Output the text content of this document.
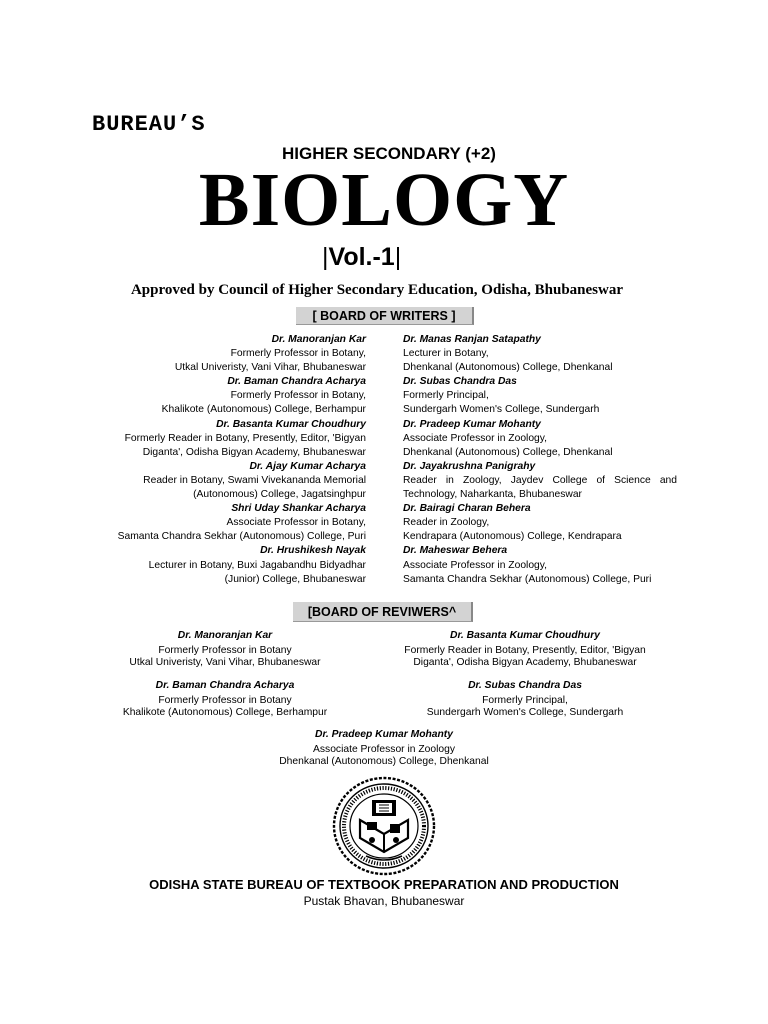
BUREAU’S
HIGHER SECONDARY (+2)
BIOLOGY
|Vol.-1|
Approved by Council of Higher Secondary Education, Odisha, Bhubaneswar
[ BOARD OF WRITERS ]
Dr. Manoranjan Kar
Formerly Professor in Botany,
Utkal Univeristy, Vani Vihar, Bhubaneswar
Dr. Baman Chandra Acharya
Formerly Professor in Botany,
Khalikote (Autonomous) College, Berhampur
Dr. Basanta Kumar Choudhury
Formerly Reader in Botany, Presently, Editor, 'Bigyan
Diganta', Odisha Bigyan Academy, Bhubaneswar
Dr. Ajay Kumar Acharya
Reader in Botany, Swami Vivekananda Memorial
(Autonomous) College, Jagatsinghpur
Shri Uday Shankar Acharya
Associate Professor in Botany,
Samanta Chandra Sekhar (Autonomous) College, Puri
Dr. Hrushikesh Nayak
Lecturer in Botany, Buxi Jagabandhu Bidyadhar
(Junior) College, Bhubaneswar
Dr. Manas Ranjan Satapathy
Lecturer in Botany,
Dhenkanal (Autonomous) College, Dhenkanal
Dr. Subas Chandra Das
Formerly Principal,
Sundergarh Women's College, Sundergarh
Dr. Pradeep Kumar Mohanty
Associate Professor in Zoology,
Dhenkanal (Autonomous) College, Dhenkanal
Dr. Jayakrushna Panigrahy
Reader in Zoology, Jaydev College of Science and
Technology, Naharkanta, Bhubaneswar
Dr. Bairagi Charan Behera
Reader in Zoology,
Kendrapara (Autonomous) College, Kendrapara
Dr. Maheswar Behera
Associate Professor in Zoology,
Samanta Chandra Sekhar (Autonomous) College, Puri
[BOARD OF REVIWERS^
Dr. Manoranjan Kar
Formerly Professor in Botany
Utkal Univeristy, Vani Vihar, Bhubaneswar
Dr. Basanta Kumar Choudhury
Formerly Reader in Botany, Presently, Editor, 'Bigyan
Diganta', Odisha Bigyan Academy, Bhubaneswar
Dr. Baman Chandra Acharya
Formerly Professor in Botany
Khalikote (Autonomous) College, Berhampur
Dr. Subas Chandra Das
Formerly Principal,
Sundergarh Women's College, Sundergarh
Dr. Pradeep Kumar Mohanty
Associate Professor in Zoology
Dhenkanal (Autonomous) College, Dhenkanal
ODISHA STATE BUREAU OF TEXTBOOK PREPARATION AND PRODUCTION
Pustak Bhavan, Bhubaneswar
